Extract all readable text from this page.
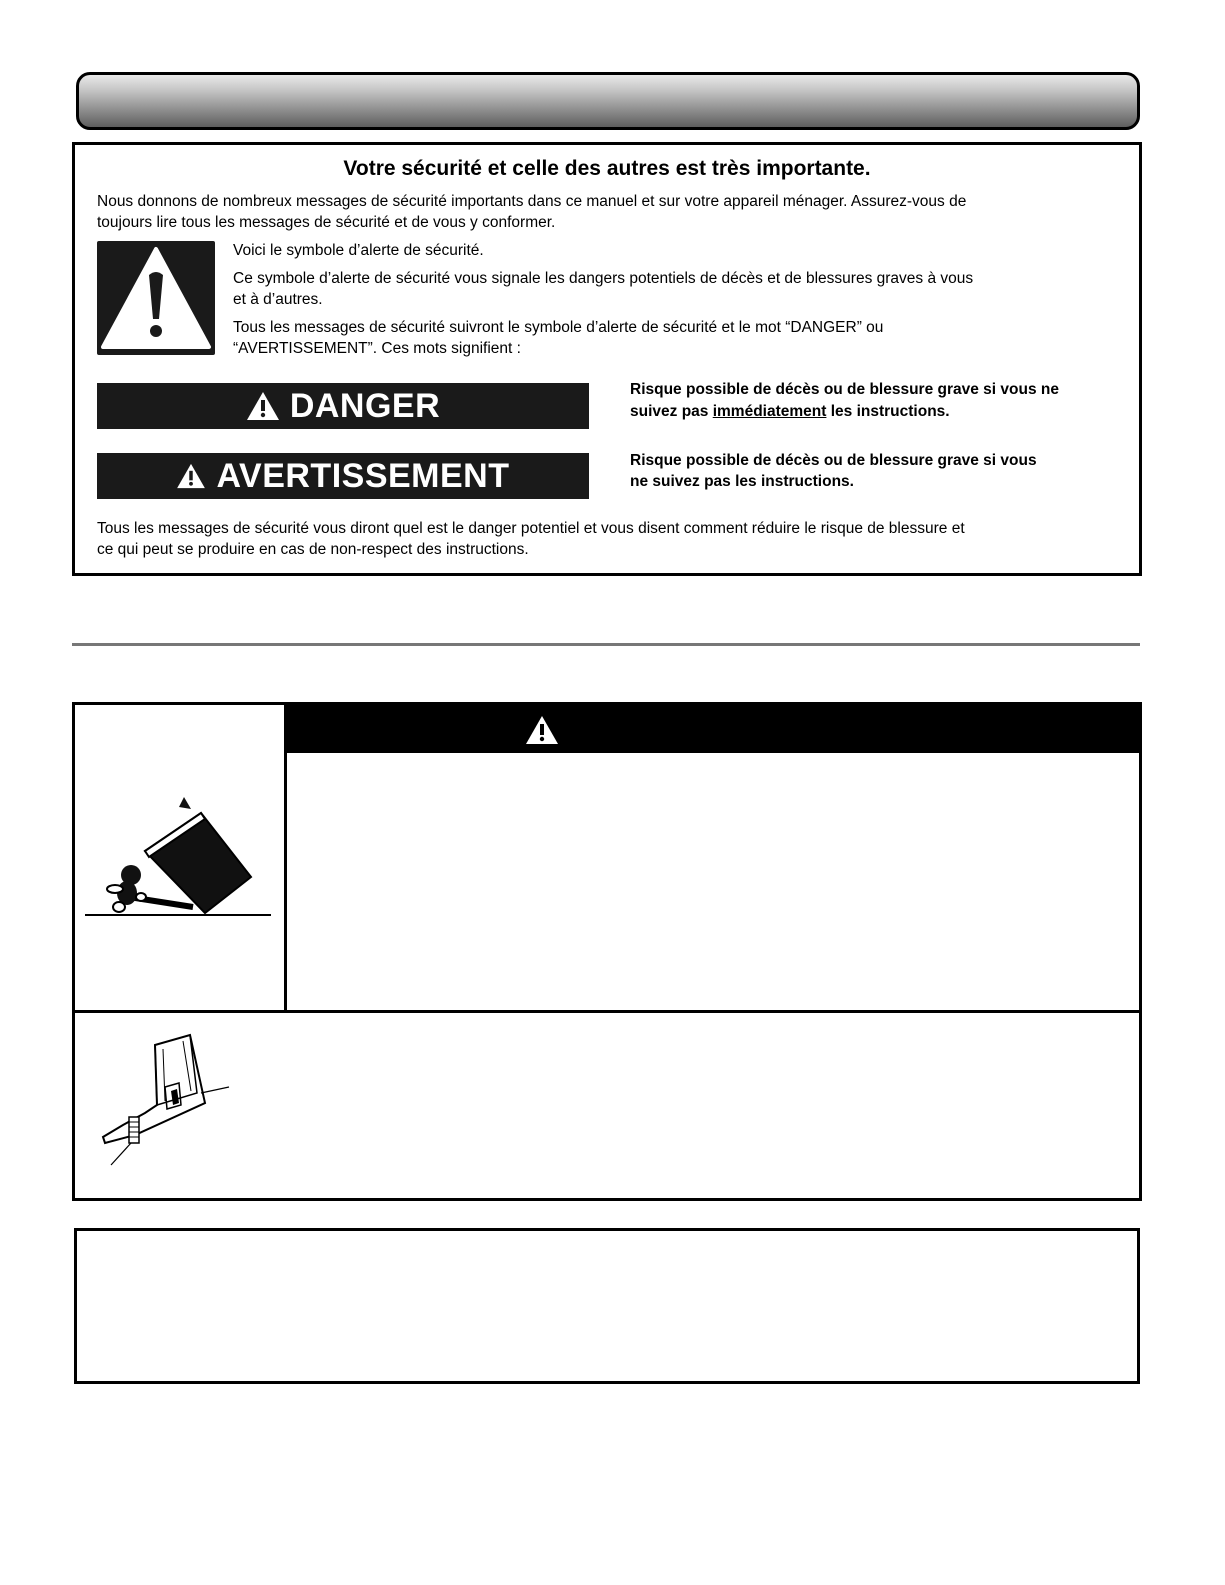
Votre sécurité et celle des autres est très importante.

Nous donnons de nombreux messages de sécurité importants dans ce manuel et sur votre appareil ménager. Assurez-vous de

toujours lire tous les messages de sécurité et de vous y conformer.

Voici le symbole d’alerte de sécurité.

Ce symbole d’alerte de sécurité vous signale les dangers potentiels de décès et de blessures graves à vous

et à d’autres.

Tous les messages de sécurité suivront le symbole d’alerte de sécurité et le mot “DANGER” ou

“AVERTISSEMENT”. Ces mots signifient :

DANGER	Risque possible de décès ou de blessure grave si vous ne

suivez pas immédiatement les instructions.

AVERTISSEMENT	Risque possible de décès ou de blessure grave si vous

ne suivez pas les instructions.

Tous les messages de sécurité vous diront quel est le danger potentiel et vous disent comment réduire le risque de blessure et

ce qui peut se produire en cas de non-respect des instructions.
